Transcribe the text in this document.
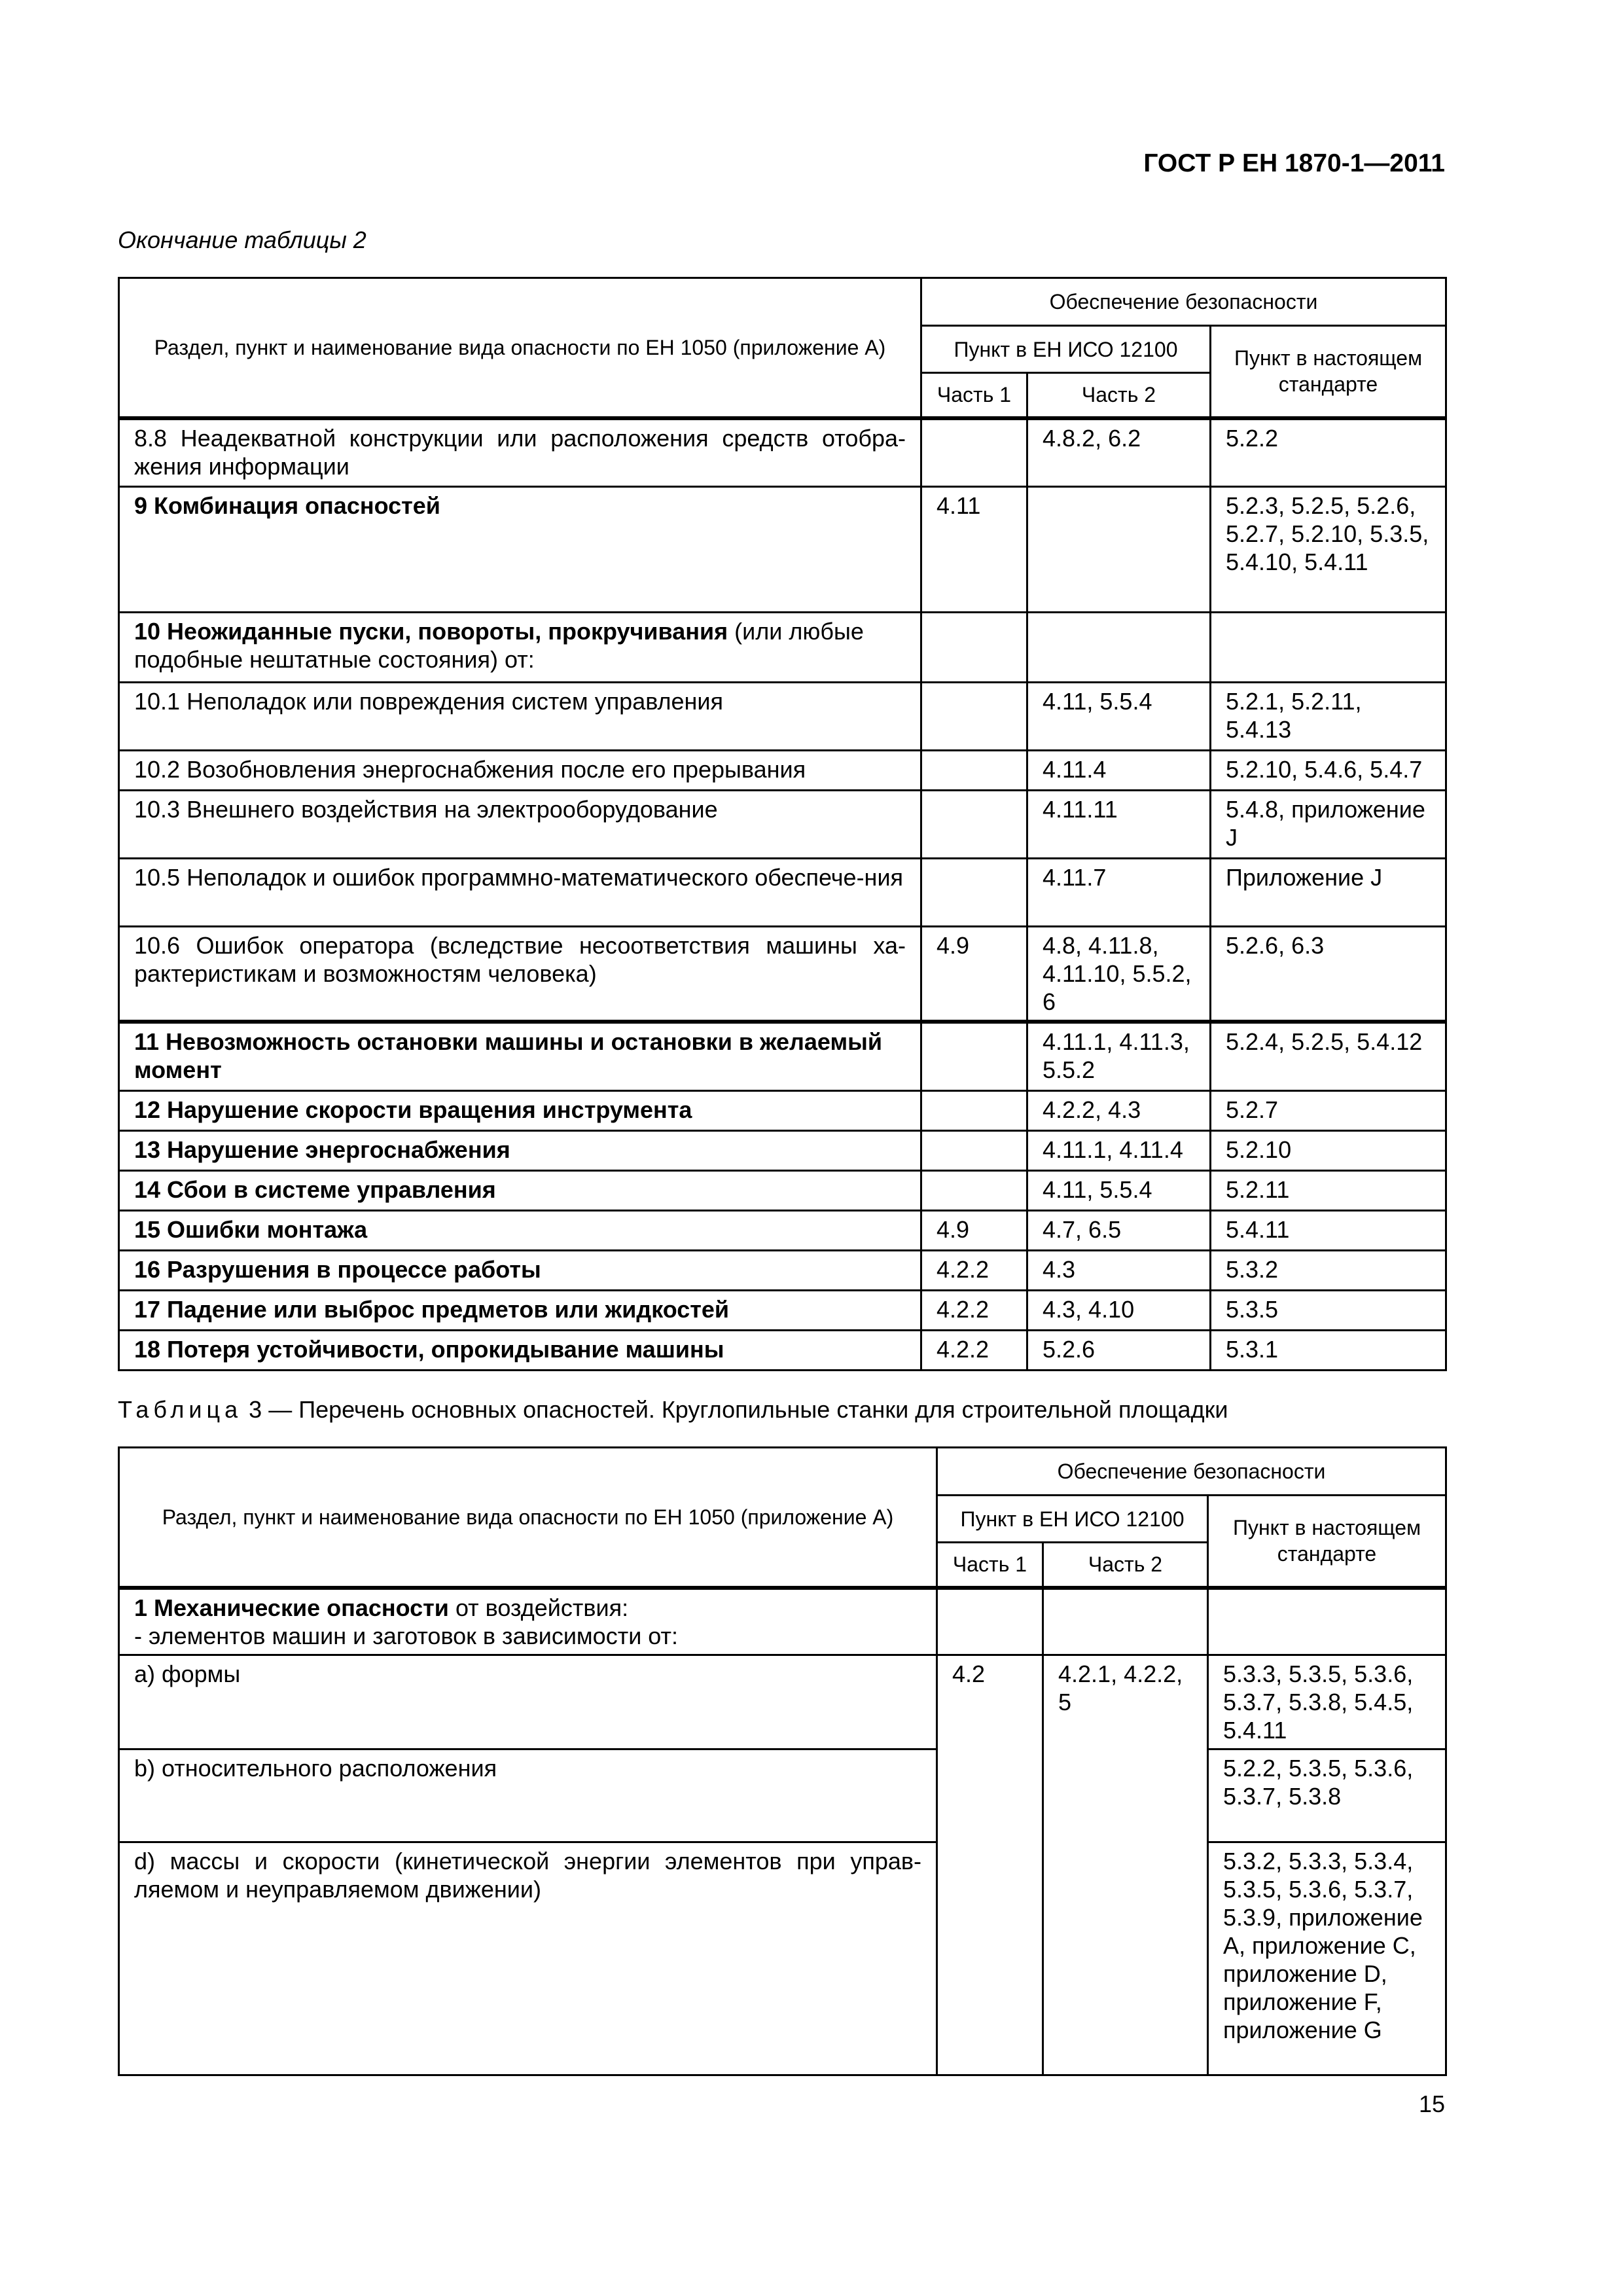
ГОСТ Р ЕН 1870-1—2011
Окончание таблицы 2
Раздел, пункт и наименование вида опасности по ЕН 1050 (приложение А)	Обеспечение безопасности		
	Пункт в ЕН ИСО 12100		Пункт в настоящем стандарте
	Часть 1	Часть 2	
8.8 Неадекватной конструкции или расположения средств отобра-жения информации		4.8.2, 6.2	5.2.2
9 Комбинация опасностей	4.11		5.2.3, 5.2.5, 5.2.6, 5.2.7, 5.2.10, 5.3.5, 5.4.10, 5.4.11
10 Неожиданные пуски, повороты, прокручивания (или любые подобные нештатные состояния) от:			
10.1 Неполадок или повреждения систем управления		4.11, 5.5.4	5.2.1, 5.2.11, 5.4.13
10.2 Возобновления энергоснабжения после его прерывания		4.11.4	5.2.10, 5.4.6, 5.4.7
10.3 Внешнего воздействия на электрооборудование		4.11.11	5.4.8, приложение J
10.5 Неполадок и ошибок программно-математического обеспече-ния		4.11.7	Приложение J
10.6 Ошибок оператора (вследствие несоответствия машины ха-рактеристикам и возможностям человека)	4.9	4.8, 4.11.8, 4.11.10, 5.5.2, 6	5.2.6, 6.3
11 Невозможность остановки машины и остановки в желаемый момент		4.11.1, 4.11.3, 5.5.2	5.2.4, 5.2.5, 5.4.12
12 Нарушение скорости вращения инструмента		4.2.2, 4.3	5.2.7
13 Нарушение энергоснабжения		4.11.1, 4.11.4	5.2.10
14 Сбои в системе управления		4.11, 5.5.4	5.2.11
15 Ошибки монтажа	4.9	4.7, 6.5	5.4.11
16 Разрушения в процессе работы	4.2.2	4.3	5.3.2
17 Падение или выброс предметов или жидкостей	4.2.2	4.3, 4.10	5.3.5
18 Потеря устойчивости, опрокидывание машины	4.2.2	5.2.6	5.3.1
Таблица 3 — Перечень основных опасностей. Круглопильные станки для строительной площадки
Раздел, пункт и наименование вида опасности по ЕН 1050 (приложение А)	Обеспечение безопасности		
	Пункт в ЕН ИСО 12100		Пункт в настоящем стандарте
	Часть 1	Часть 2	
1 Механические опасности от воздействия:
- элементов машин и заготовок в зависимости от:			

а) формы	4.2	4.2.1, 4.2.2, 5	5.3.3, 5.3.5, 5.3.6, 5.3.7, 5.3.8, 5.4.5, 5.4.11
b) относительного расположения			5.2.2, 5.3.5, 5.3.6, 5.3.7, 5.3.8
d) массы и скорости (кинетической энергии элементов при управ-ляемом и неуправляемом движении)			5.3.2, 5.3.3, 5.3.4, 5.3.5, 5.3.6, 5.3.7, 5.3.9, приложение А, приложение С, приложение D, приложение F, приложение G
15
